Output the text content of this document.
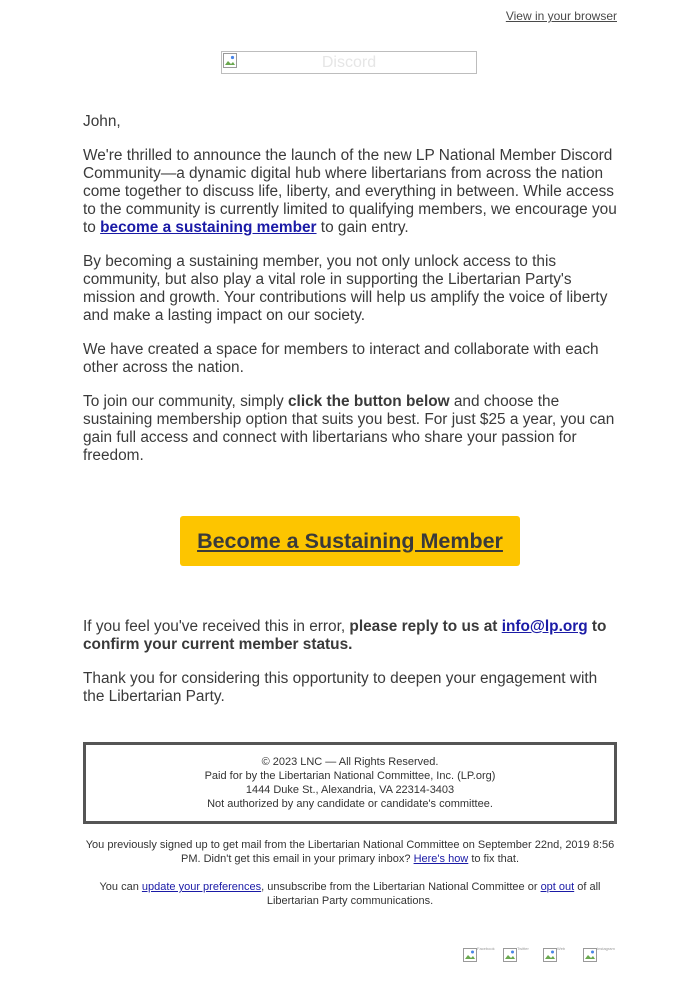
View in your browser
Discord

John,

We're thrilled to announce the launch of the new LP National Member Discord Community—a dynamic digital hub where libertarians from across the nation come together to discuss life, liberty, and everything in between. While access to the community is currently limited to qualifying members, we encourage you to become a sustaining member to gain entry.

By becoming a sustaining member, you not only unlock access to this community, but also play a vital role in supporting the Libertarian Party's mission and growth. Your contributions will help us amplify the voice of liberty and make a lasting impact on our society.

We have created a space for members to interact and collaborate with each other across the nation.

To join our community, simply click the button below and choose the sustaining membership option that suits you best. For just $25 a year, you can gain full access and connect with libertarians who share your passion for freedom.

Become a Sustaining Member

If you feel you've received this in error, please reply to us at info@lp.org to confirm your current member status.

Thank you for considering this opportunity to deepen your engagement with the Libertarian Party.

© 2023 LNC — All Rights Reserved.
Paid for by the Libertarian National Committee, Inc. (LP.org)
1444 Duke St., Alexandria, VA 22314-3403
Not authorized by any candidate or candidate's committee.
You previously signed up to get mail from the Libertarian National Committee on September 22nd, 2019 8:56 PM. Didn't get this email in your primary inbox? Here's how to fix that.
You can update your preferences, unsubscribe from the Libertarian National Committee or opt out of all Libertarian Party communications.
Facebook	Twitter	Web	Instagram
